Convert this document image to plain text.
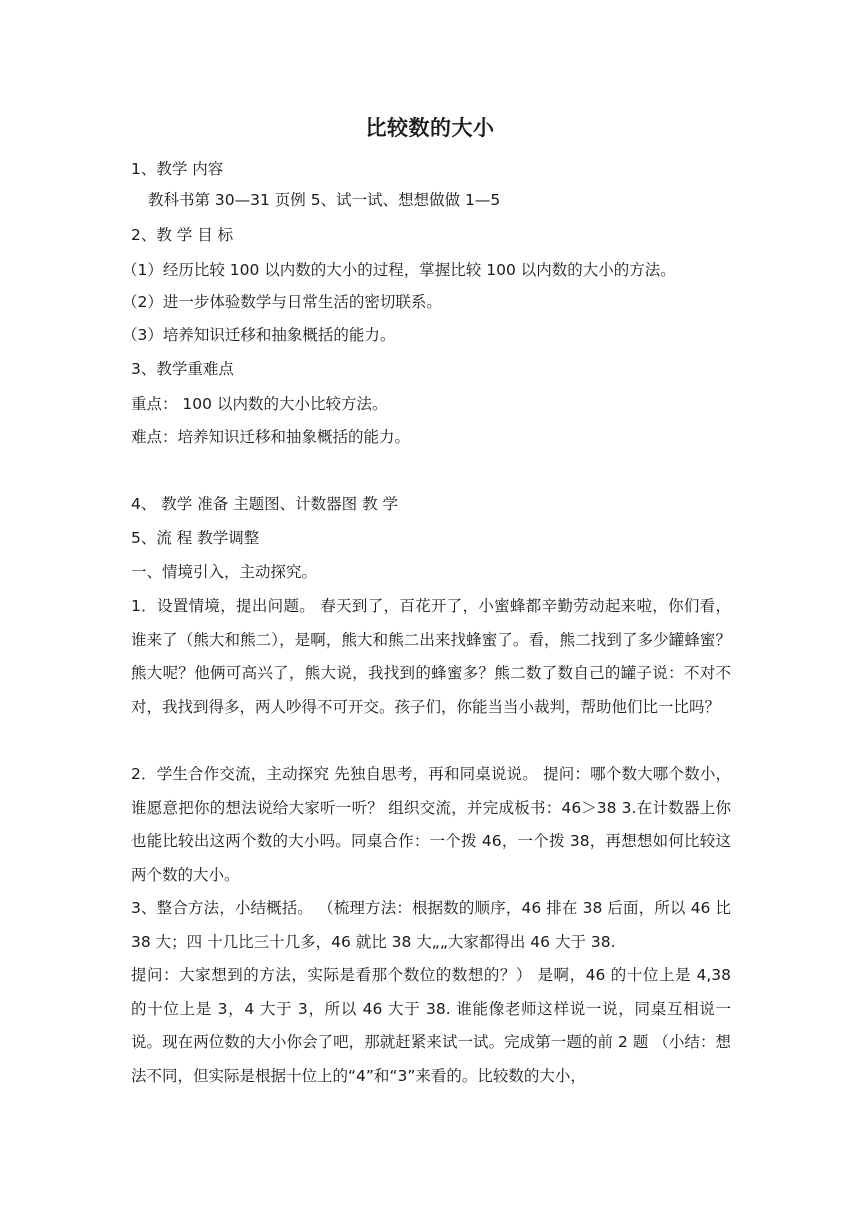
比较数的大小
1、教学 内容
教科书第 30—31 页例 5、试一试、想想做做 1—5
2、教 学 目 标
（1）经历比较 100 以内数的大小的过程，掌握比较 100 以内数的大小的方法。
（2）进一步体验数学与日常生活的密切联系。
（3）培养知识迁移和抽象概括的能力。
3、教学重难点
重点： 100 以内数的大小比较方法。
难点：培养知识迁移和抽象概括的能力。
4、 教学 准备 主题图、计数器图 教 学
5、流 程 教学调整
一、情境引入，主动探究。
1．设置情境，提出问题。 春天到了，百花开了，小蜜蜂都辛勤劳动起来啦，你们看，谁来了（熊大和熊二），是啊，熊大和熊二出来找蜂蜜了。看，熊二找到了多少罐蜂蜜？熊大呢？他俩可高兴了，熊大说，我找到的蜂蜜多？熊二数了数自己的罐子说：不对不对，我找到得多，两人吵得不可开交。孩子们，你能当当小裁判，帮助他们比一比吗？
2．学生合作交流，主动探究 先独自思考，再和同桌说说。 提问：哪个数大哪个数小，谁愿意把你的想法说给大家听一听？ 组织交流，并完成板书：46＞38 3.在计数器上你也能比较出这两个数的大小吗。同桌合作：一个拨 46，一个拨 38，再想想如何比较这两个数的大小。
3、整合方法，小结概括。 （梳理方法：根据数的顺序，46 排在 38 后面，所以 46 比 38 大；四 十几比三十几多，46 就比 38 大„„大家都得出 46 大于 38.
提问：大家想到的方法，实际是看那个数位的数想的？） 是啊，46 的十位上是 4,38 的十位上是 3，4 大于 3，所以 46 大于 38. 谁能像老师这样说一说，同桌互相说一说。现在两位数的大小你会了吧，那就赶紧来试一试。完成第一题的前 2 题 （小结：想法不同，但实际是根据十位上的“4”和“3”来看的。比较数的大小，
